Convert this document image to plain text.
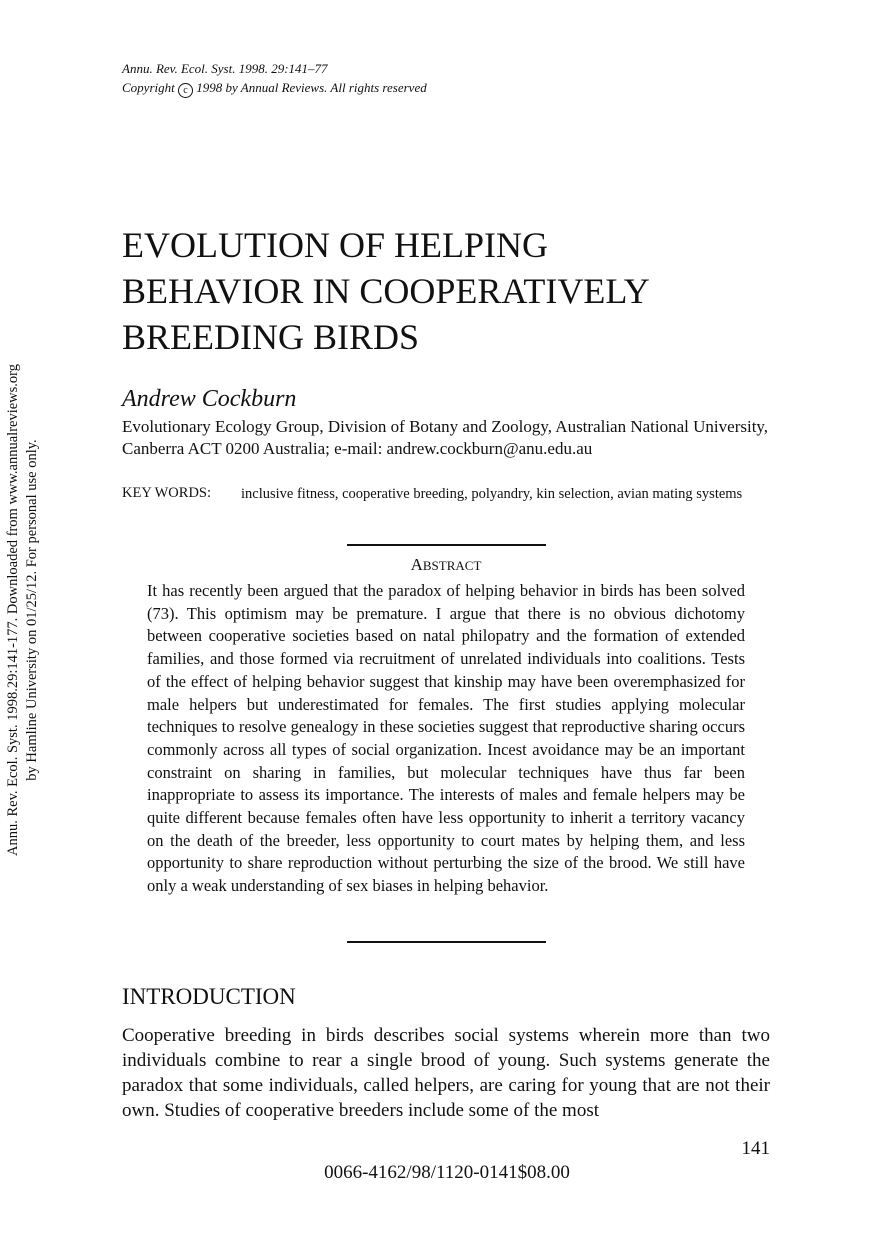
Annu. Rev. Ecol. Syst. 1998. 29:141–77
Copyright c 1998 by Annual Reviews. All rights reserved
Annu. Rev. Ecol. Syst. 1998.29:141-177. Downloaded from www.annualreviews.org by Hamline University on 01/25/12. For personal use only.
EVOLUTION OF HELPING
BEHAVIOR IN COOPERATIVELY
BREEDING BIRDS
Andrew Cockburn
Evolutionary Ecology Group, Division of Botany and Zoology, Australian National University, Canberra ACT 0200 Australia; e-mail: andrew.cockburn@anu.edu.au
KEY WORDS: inclusive fitness, cooperative breeding, polyandry, kin selection, avian mating systems
ABSTRACT
It has recently been argued that the paradox of helping behavior in birds has been solved (73). This optimism may be premature. I argue that there is no obvious dichotomy between cooperative societies based on natal philopatry and the formation of extended families, and those formed via recruitment of unrelated individuals into coalitions. Tests of the effect of helping behavior suggest that kinship may have been overemphasized for male helpers but underestimated for females. The first studies applying molecular techniques to resolve genealogy in these societies suggest that reproductive sharing occurs commonly across all types of social organization. Incest avoidance may be an important constraint on sharing in families, but molecular techniques have thus far been inappropriate to assess its importance. The interests of males and female helpers may be quite different because females often have less opportunity to inherit a territory vacancy on the death of the breeder, less opportunity to court mates by helping them, and less opportunity to share reproduction without perturbing the size of the brood. We still have only a weak understanding of sex biases in helping behavior.
INTRODUCTION
Cooperative breeding in birds describes social systems wherein more than two individuals combine to rear a single brood of young. Such systems generate the paradox that some individuals, called helpers, are caring for young that are not their own. Studies of cooperative breeders include some of the most
141
0066-4162/98/1120-0141$08.00
